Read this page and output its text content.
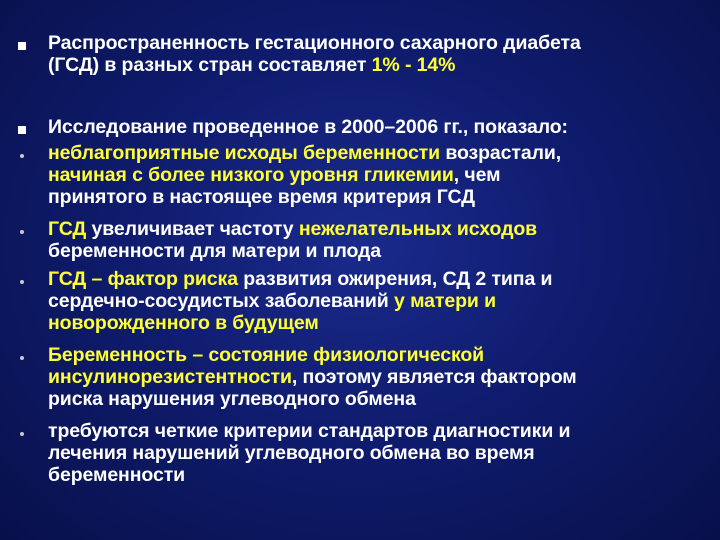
Распространенность гестационного сахарного диабета
(ГСД) в разных стран составляет 1% - 14%
Исследование проведенное в 2000–2006 гг., показало:
неблагоприятные исходы беременности возрастали,
начиная с более низкого уровня гликемии, чем
принятого в настоящее время критерия ГСД
ГСД увеличивает частоту нежелательных исходов
беременности для матери и плода
ГСД – фактор риска развития ожирения, СД 2 типа и
сердечно-сосудистых заболеваний у матери и
новорожденного в будущем
Беременность – состояние физиологической
инсулинорезистентности, поэтому является фактором
риска нарушения углеводного обмена
требуются четкие критерии стандартов диагностики и
лечения нарушений углеводного обмена во время
беременности
